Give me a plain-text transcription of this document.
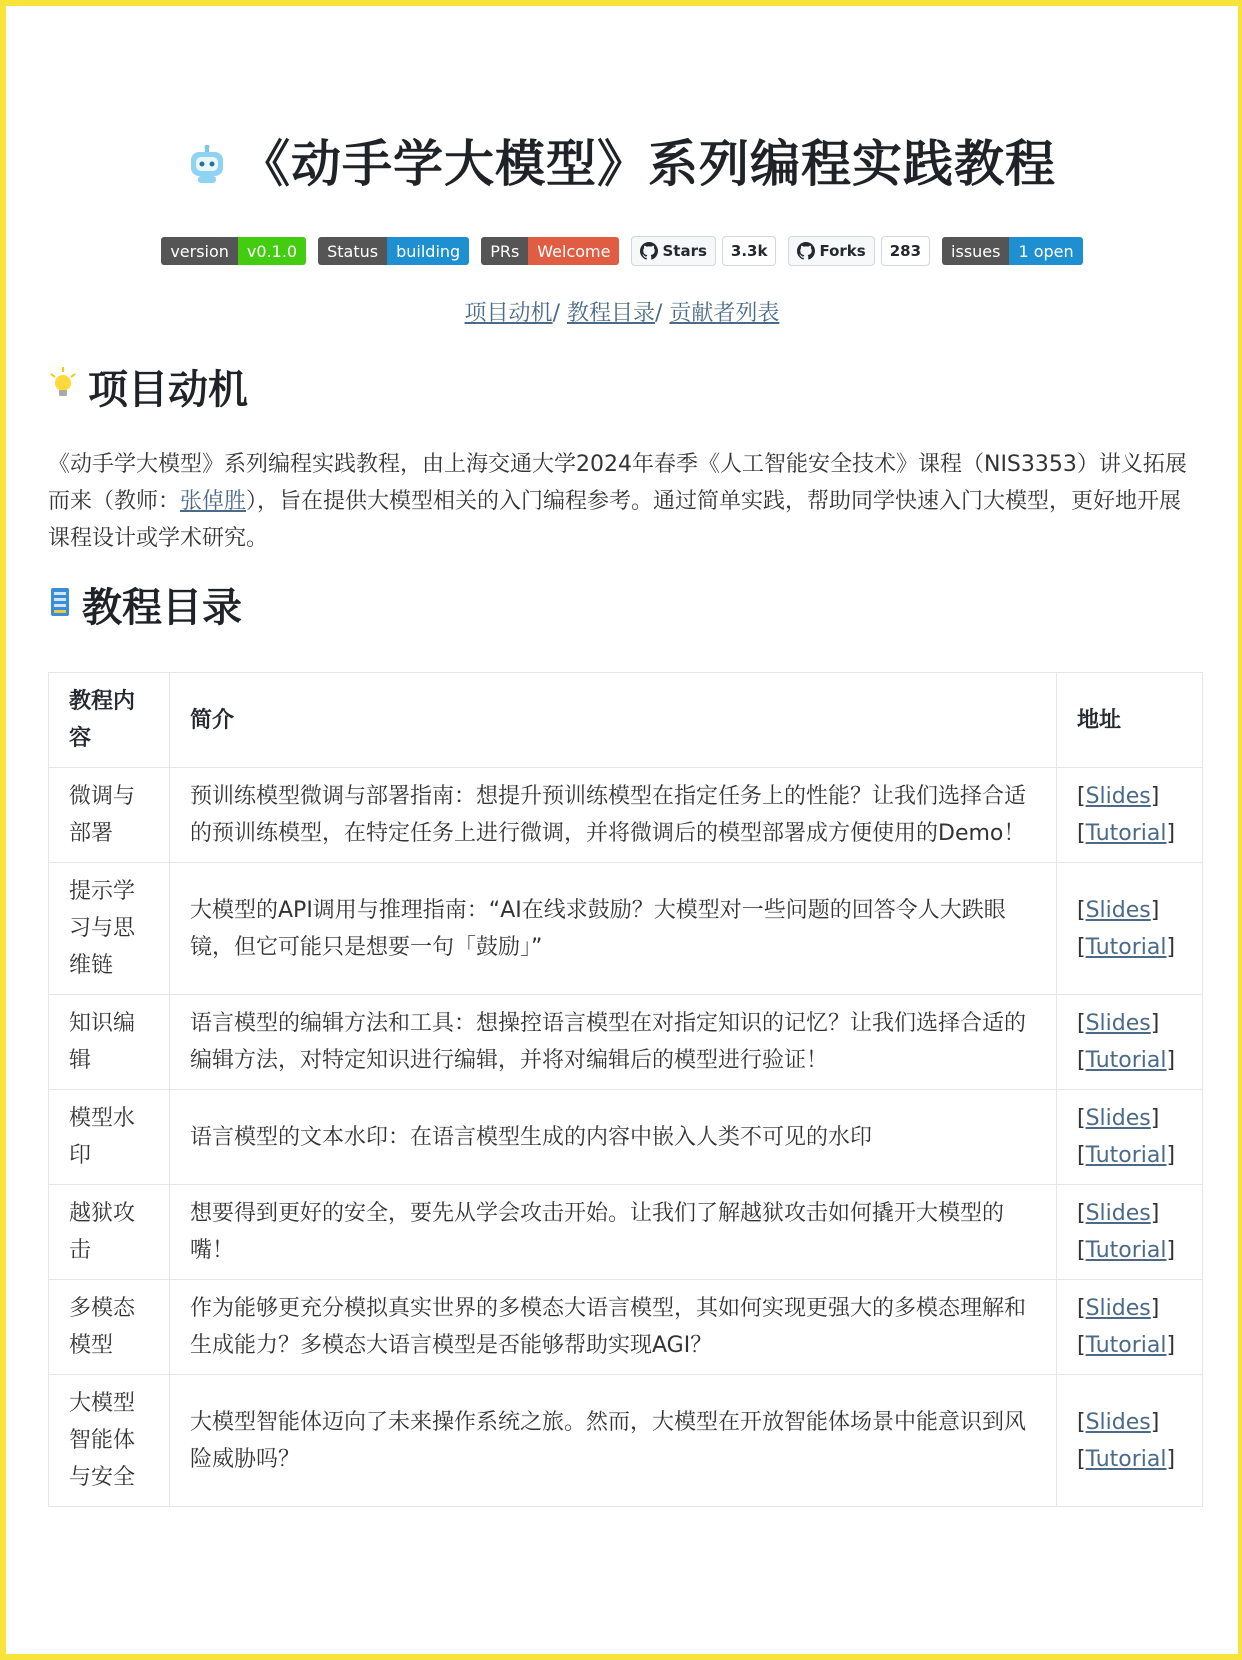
《动手学大模型》系列编程实践教程
version	v0.1.0	Status	building	PRs	Welcome	Stars	3.3k	Forks	283	issues	1 open
项目动机/ 教程目录/ 贡献者列表
项目动机
《动手学大模型》系列编程实践教程，由上海交通大学2024年春季《人工智能安全技术》课程（NIS3353）讲义拓展而来（教师：张倬胜），旨在提供大模型相关的入门编程参考。通过简单实践，帮助同学快速入门大模型，更好地开展课程设计或学术研究。
教程目录
教程内容	简介	地址
微调与部署	预训练模型微调与部署指南：想提升预训练模型在指定任务上的性能？让我们选择合适的预训练模型，在特定任务上进行微调，并将微调后的模型部署成方便使用的Demo！	[Slides]
[Tutorial]
提示学习与思维链	大模型的API调用与推理指南：“AI在线求鼓励？大模型对一些问题的回答令人大跌眼镜，但它可能只是想要一句「鼓励」”	[Slides]
[Tutorial]
知识编辑	语言模型的编辑方法和工具：想操控语言模型在对指定知识的记忆？让我们选择合适的编辑方法，对特定知识进行编辑，并将对编辑后的模型进行验证！	[Slides]
[Tutorial]
模型水印	语言模型的文本水印：在语言模型生成的内容中嵌入人类不可见的水印	[Slides]
[Tutorial]
越狱攻击	想要得到更好的安全，要先从学会攻击开始。让我们了解越狱攻击如何撬开大模型的嘴！	[Slides]
[Tutorial]
多模态模型	作为能够更充分模拟真实世界的多模态大语言模型，其如何实现更强大的多模态理解和生成能力？多模态大语言模型是否能够帮助实现AGI？	[Slides]
[Tutorial]
大模型智能体与安全	大模型智能体迈向了未来操作系统之旅。然而，大模型在开放智能体场景中能意识到风险威胁吗？	[Slides]
[Tutorial]
